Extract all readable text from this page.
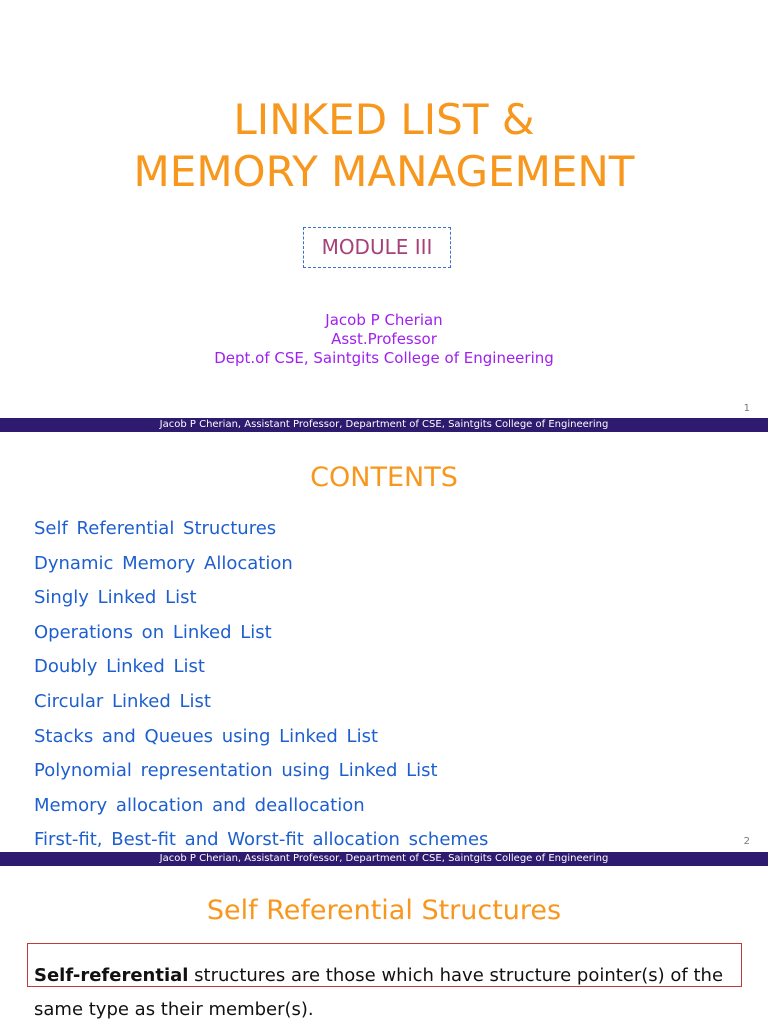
LINKED LIST &
MEMORY MANAGEMENT
MODULE III
Jacob P Cherian
Asst.Professor
Dept.of CSE, Saintgits College of Engineering
1
Jacob P Cherian, Assistant Professor, Department of CSE, Saintgits College of Engineering
CONTENTS
Self Referential Structures
Dynamic Memory Allocation
Singly Linked List
Operations on Linked List
Doubly Linked List
Circular Linked List
Stacks and Queues using Linked List
Polynomial representation using Linked List
Memory allocation and deallocation
First-fit, Best-fit and Worst-fit allocation schemes	2
Jacob P Cherian, Assistant Professor, Department of CSE, Saintgits College of Engineering
Self Referential Structures
Self-referential structures are those which have structure pointer(s) of the same type as their member(s).
